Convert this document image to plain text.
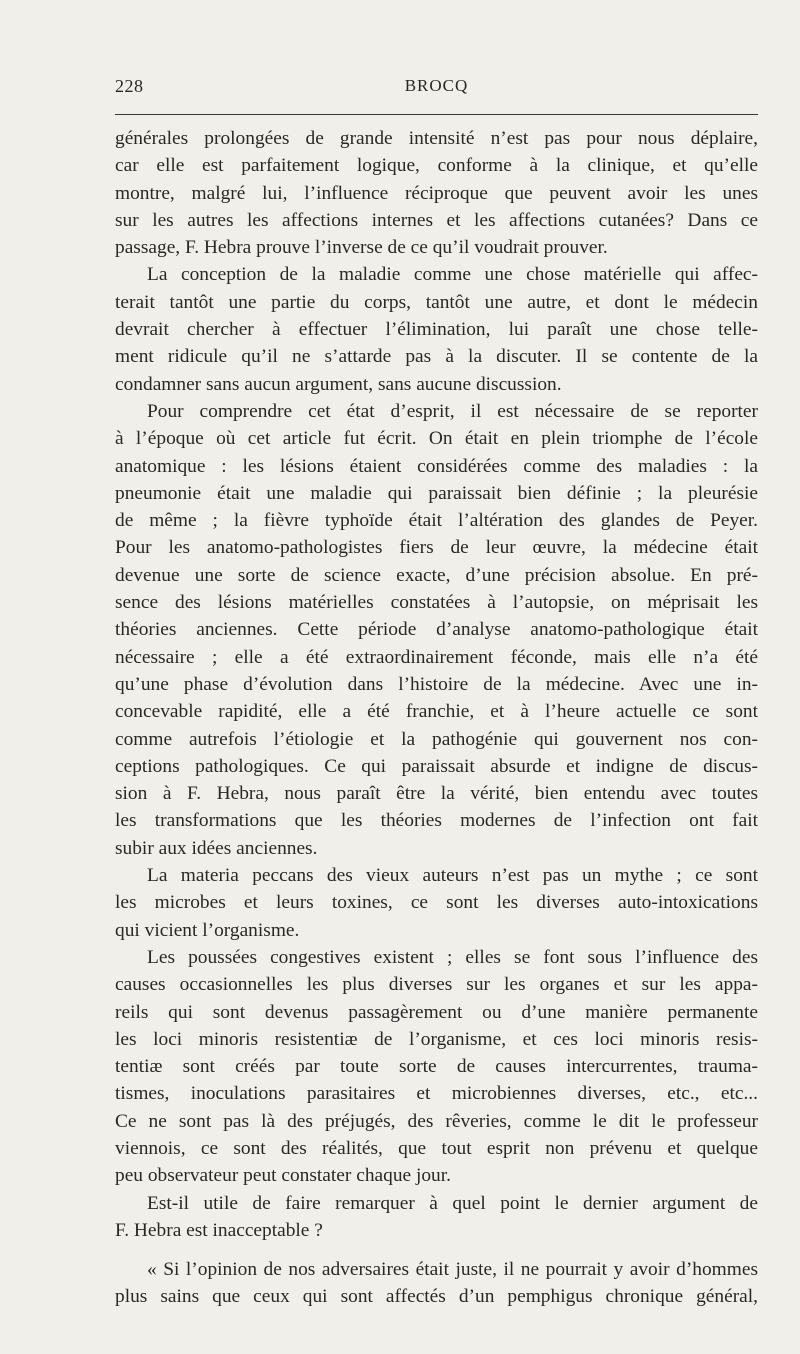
228	BROCQ
générales prolongées de grande intensité n’est pas pour nous déplaire,
car elle est parfaitement logique, conforme à la clinique, et qu’elle
montre, malgré lui, l’influence réciproque que peuvent avoir les unes
sur les autres les affections internes et les affections cutanées? Dans ce
passage, F. Hebra prouve l’inverse de ce qu’il voudrait prouver.
La conception de la maladie comme une chose matérielle qui affec-
terait tantôt une partie du corps, tantôt une autre, et dont le médecin
devrait chercher à effectuer l’élimination, lui paraît une chose telle-
ment ridicule qu’il ne s’attarde pas à la discuter. Il se contente de la
condamner sans aucun argument, sans aucune discussion.
Pour comprendre cet état d’esprit, il est nécessaire de se reporter
à l’époque où cet article fut écrit. On était en plein triomphe de l’école
anatomique : les lésions étaient considérées comme des maladies : la
pneumonie était une maladie qui paraissait bien définie ; la pleurésie
de même ; la fièvre typhoïde était l’altération des glandes de Peyer.
Pour les anatomo-pathologistes fiers de leur œuvre, la médecine était
devenue une sorte de science exacte, d’une précision absolue. En pré-
sence des lésions matérielles constatées à l’autopsie, on méprisait les
théories anciennes. Cette période d’analyse anatomo-pathologique était
nécessaire ; elle a été extraordinairement féconde, mais elle n’a été
qu’une phase d’évolution dans l’histoire de la médecine. Avec une in-
concevable rapidité, elle a été franchie, et à l’heure actuelle ce sont
comme autrefois l’étiologie et la pathogénie qui gouvernent nos con-
ceptions pathologiques. Ce qui paraissait absurde et indigne de discus-
sion à F. Hebra, nous paraît être la vérité, bien entendu avec toutes
les transformations que les théories modernes de l’infection ont fait
subir aux idées anciennes.
La materia peccans des vieux auteurs n’est pas un mythe ; ce sont
les microbes et leurs toxines, ce sont les diverses auto-intoxications
qui vicient l’organisme.
Les poussées congestives existent ; elles se font sous l’influence des
causes occasionnelles les plus diverses sur les organes et sur les appa-
reils qui sont devenus passagèrement ou d’une manière permanente
les loci minoris resistentiæ de l’organisme, et ces loci minoris resis-
tentiæ sont créés par toute sorte de causes intercurrentes, trauma-
tismes, inoculations parasitaires et microbiennes diverses, etc., etc...
Ce ne sont pas là des préjugés, des rêveries, comme le dit le professeur
viennois, ce sont des réalités, que tout esprit non prévenu et quelque
peu observateur peut constater chaque jour.
Est-il utile de faire remarquer à quel point le dernier argument de
F. Hebra est inacceptable ?
« Si l’opinion de nos adversaires était juste, il ne pourrait y avoir d’hommes
plus sains que ceux qui sont affectés d’un pemphigus chronique général,
